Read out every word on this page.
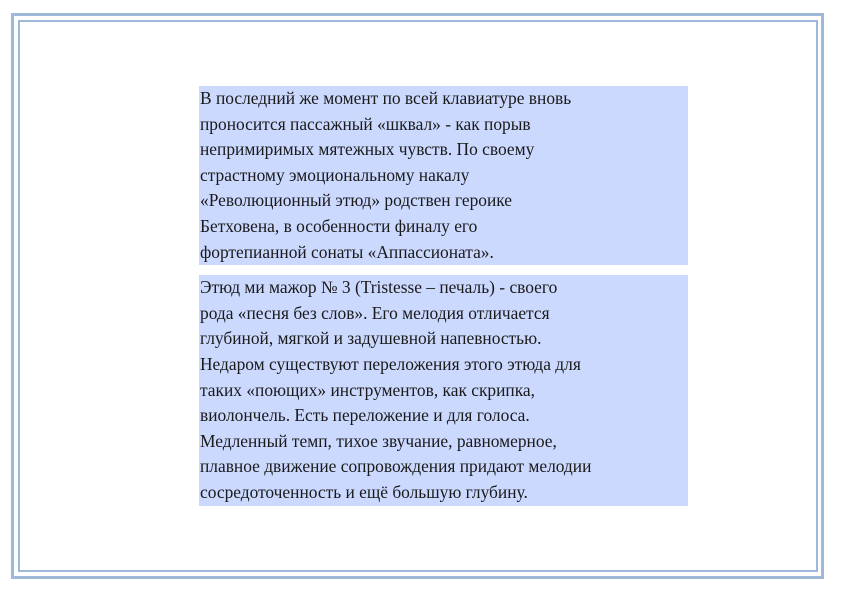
В последний же момент по всей клавиатуре вновь
проносится пассажный «шквал» - как порыв
непримиримых мятежных чувств. По своему
страстному эмоциональному накалу
«Революционный этюд» родствен героике
Бетховена, в особенности финалу его
фортепианной сонаты «Аппассионата».

Этюд ми мажор № 3 (Tristesse – печаль) - своего
рода «песня без слов». Его мелодия отличается
глубиной, мягкой и задушевной напевностью.
Недаром существуют переложения этого этюда для
таких «поющих» инструментов, как скрипка,
виолончель. Есть переложение и для голоса.
Медленный темп, тихое звучание, равномерное,
плавное движение сопровождения придают мелодии
сосредоточенность и ещё большую глубину.
